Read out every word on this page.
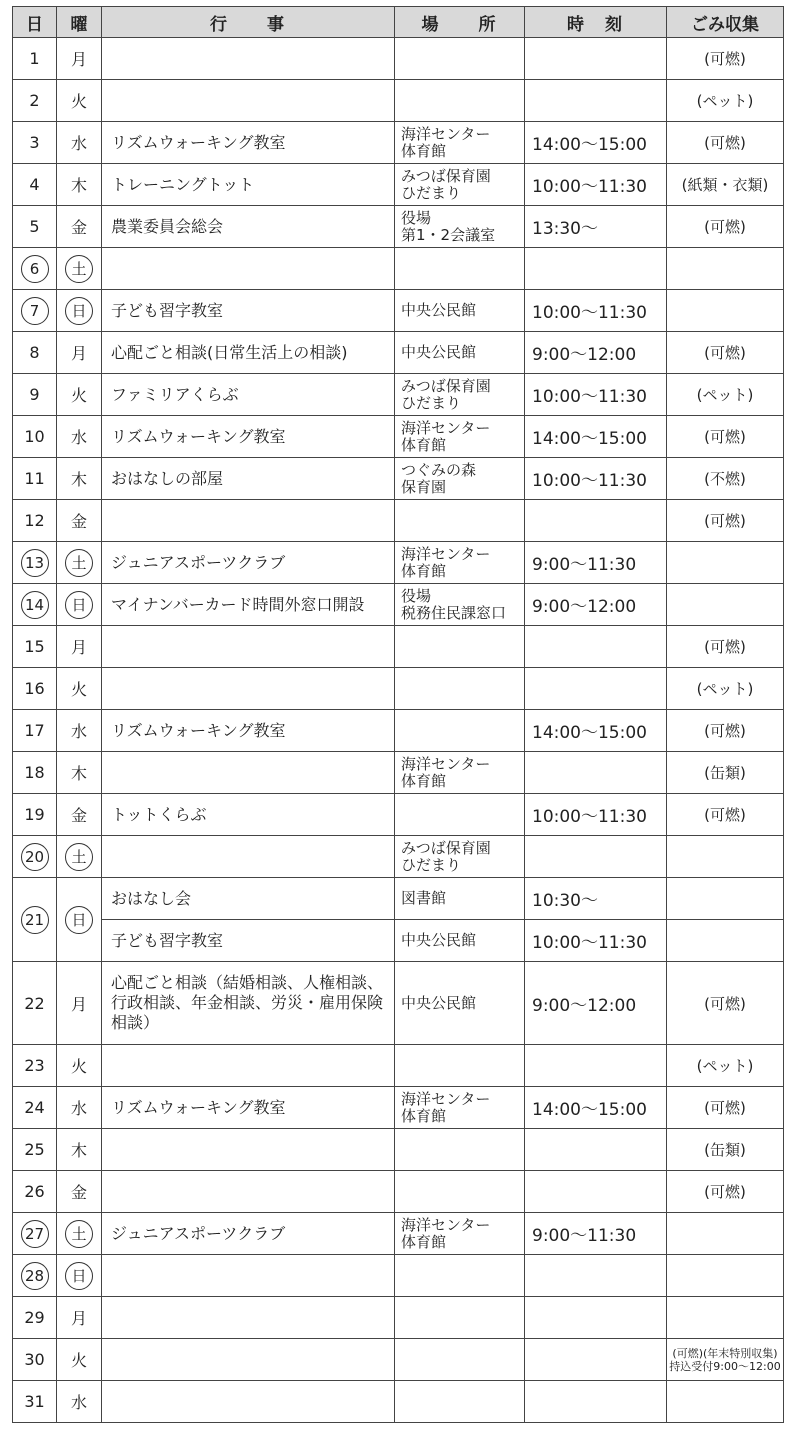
日	曜	行　　事	場　　所	時　刻	ごみ収集
1	月				(可燃)

2	火				(ペット)

3	水	リズムウォーキング教室	海洋センター
体育館	14:00〜15:00	(可燃)

4	木	トレーニングトット	みつば保育園
ひだまり	10:00〜11:30	(紙類・衣類)

5	金	農業委員会総会	役場
第1・2会議室	13:30〜	(可燃)

6	土		

7	日	子ども習字教室	中央公民館	10:00〜11:30	

8	月	心配ごと相談(日常生活上の相談)	中央公民館	9:00〜12:00	(可燃)

9	火	ファミリアくらぶ	みつば保育園
ひだまり	10:00〜11:30	(ペット)

10	水	リズムウォーキング教室	海洋センター
体育館	14:00〜15:00	(可燃)

11	木	おはなしの部屋	つぐみの森
保育園	10:00〜11:30	(不燃)

12	金				(可燃)

13	土	ジュニアスポーツクラブ	海洋センター
体育館	9:00〜11:30	

14	日	マイナンバーカード時間外窓口開設	役場
税務住民課窓口	9:00〜12:00	

15	月				(可燃)

16	火				(ペット)

17	水	リズムウォーキング教室		14:00〜15:00	(可燃)

18	木		海洋センター
体育館		(缶類)

19	金	トットくらぶ		10:00〜11:30	(可燃)

20	土		みつば保育園
ひだまり		

21	日	おはなし会	図書館	10:30〜	

		子ども習字教室	中央公民館	10:00〜11:30	

22	月	心配ごと相談（結婚相談、人権相談、行政相談、年金相談、労災・雇用保険相談）	中央公民館	9:00〜12:00	(可燃)

23	火				(ペット)

24	水	リズムウォーキング教室	海洋センター
体育館	14:00〜15:00	(可燃)

25	木				(缶類)

26	金				(可燃)

27	土	ジュニアスポーツクラブ	海洋センター
体育館	9:00〜11:30	

28	日		

29	月		

30	火				(可燃)(年末特別収集)
持込受付9:00〜12:00

31	水		
